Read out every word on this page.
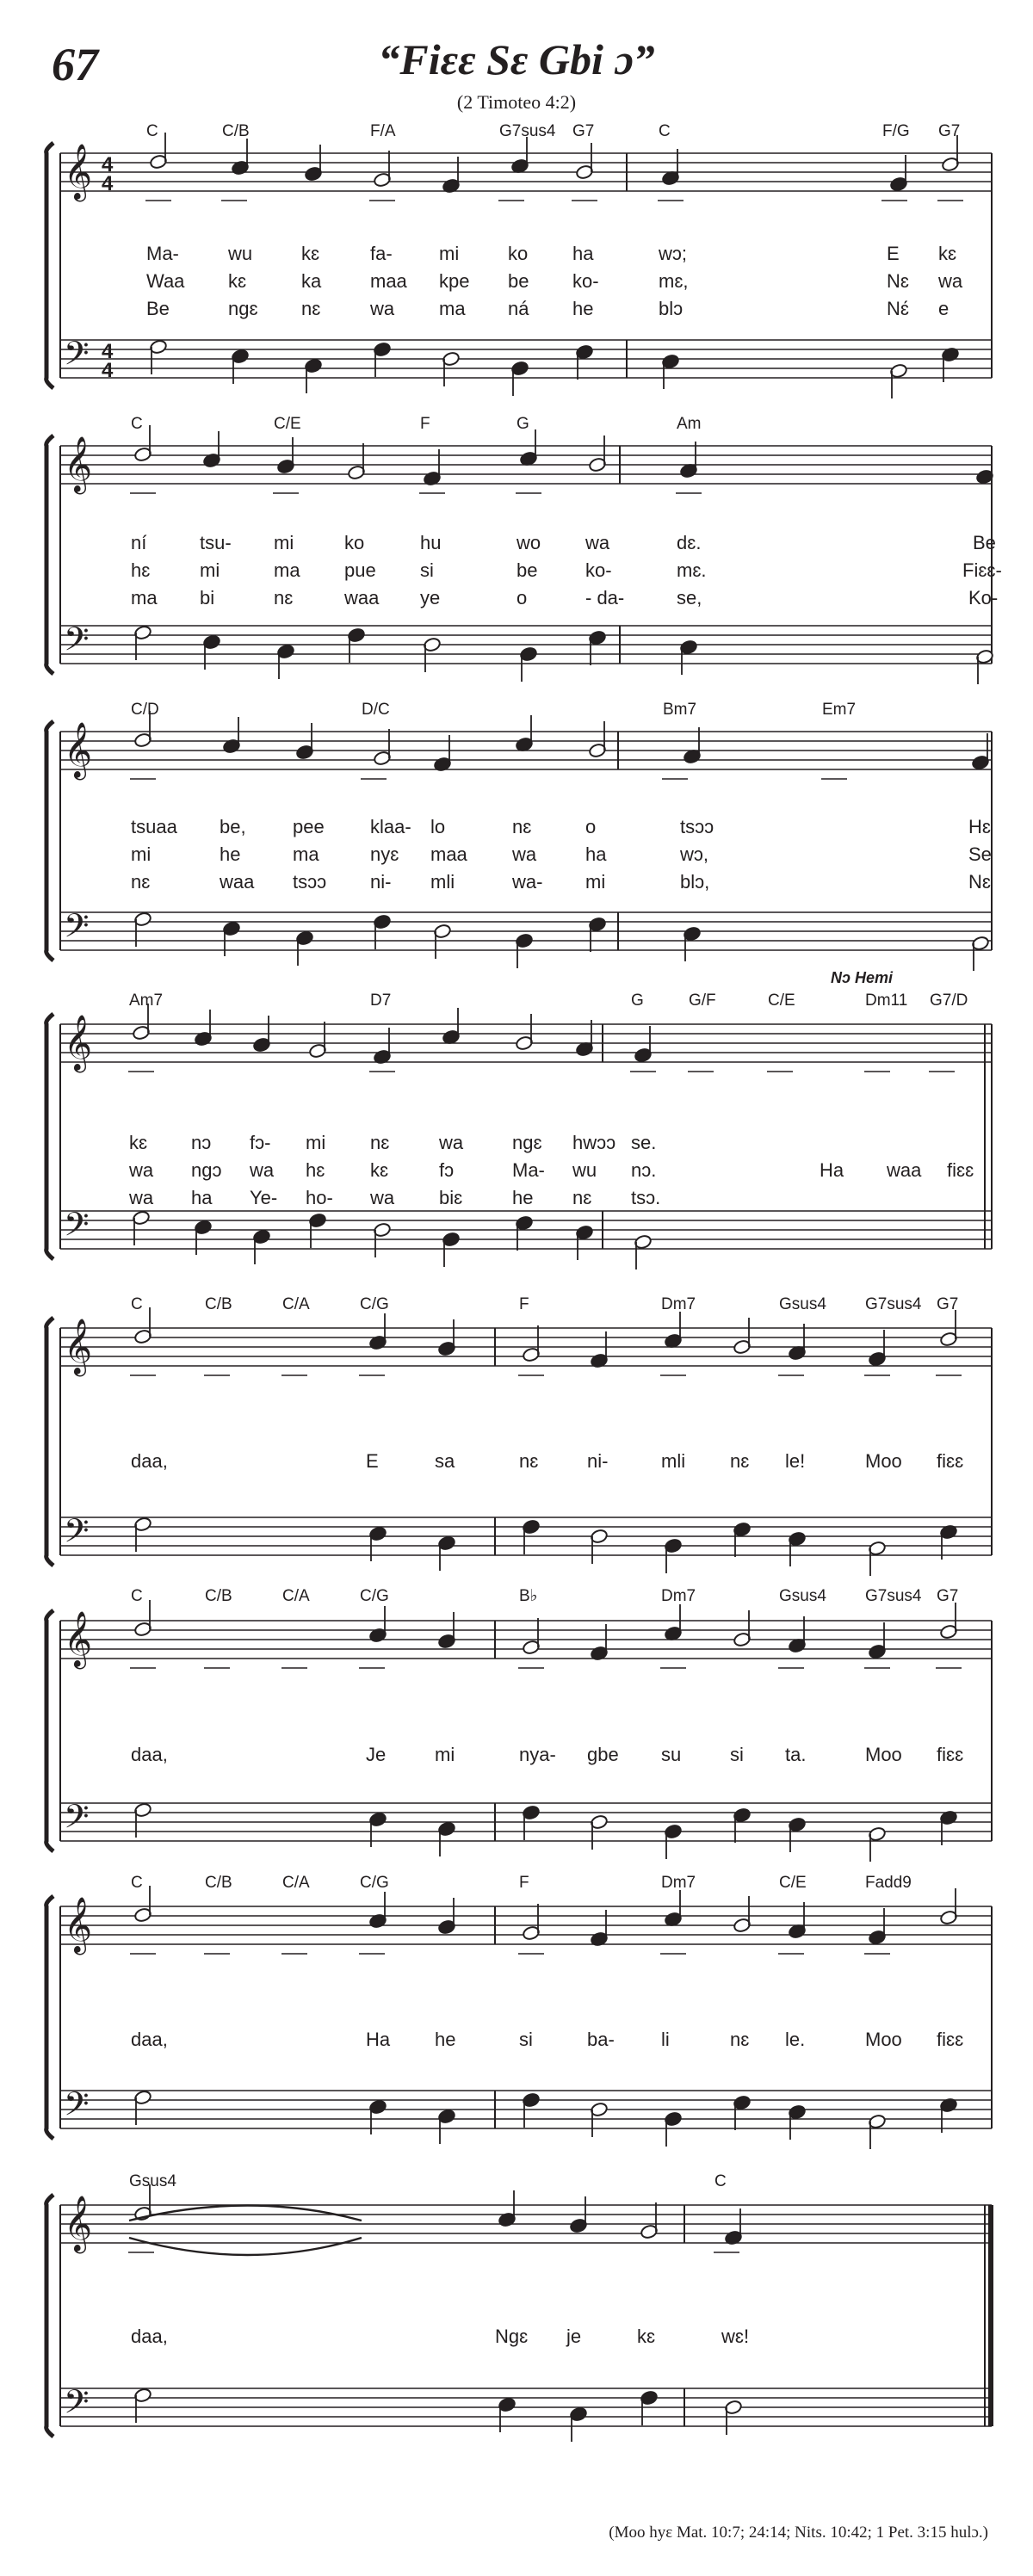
67	“Fiɛɛ Sɛ Gbi ɔ”
(2 Timoteo 4:2)
𝄞
𝄢
4
4
4
4
C	C/B	F/A	G7sus4 G7	C	F/G G7
Ma-	wu	kɛ	fa- mi	ko ha	wɔ;	E kɛ
Waa kɛ	ka	maa kpe be ko-	mɛ,	Nɛ wa
Be	ngɛ nɛ	wa ma ná he	blɔ	Nɛ́ e
𝄞
𝄢
C	C/E	F	G	Am
ní	tsu- mi	ko	hu	wo wa	dɛ.	Be
hɛ	mi	ma pue si	be	ko-	mɛ.	Fiɛɛ-
ma bi	nɛ	waa ye	o	- da-	se,	Ko-
𝄞
𝄢
C/D	D/C	Bm7	Em7
tsuaa be, pee klaa- lo	nɛ	o	tsɔɔ	Hɛ
mi	he	ma	nyɛ maa wa	ha	wɔ,	Se
nɛ	waa tsɔɔ ni- mli	wa- mi	blɔ,	Nɛ
𝄞
𝄢
Am7	D7	G	G/F	C/E	Dm11 G7/D
Nɔ Hemi
kɛ nɔ fɔ- mi nɛ	wa	ngɛ hwɔɔ se.
wa ngɔ wa hɛ kɛ	fɔ	Ma- wu nɔ.	Ha waa fiɛɛ
wa ha Ye- ho- wa biɛ	he nɛ tsɔ.
𝄞
𝄢
C	C/B	C/A	C/G	F	Dm7	Gsus4 G7sus4 G7
daa,	E	sa	nɛ	ni-	mli nɛ le!	Moo fiɛɛ
𝄞
𝄢
C	C/B	C/A	C/G	B♭	Dm7	Gsus4 G7sus4 G7
daa,	Je	mi	nya- gbe su	si ta.	Moo fiɛɛ
𝄞
𝄢
C	C/B	C/A	C/G	F	Dm7	C/E	Fadd9
daa,	Ha he	si	ba- li	nɛ le.	Moo fiɛɛ
𝄞
𝄢
Gsus4	C
daa,	Ngɛ je	kɛ	wɛ!
(Moo hyɛ Mat. 10:7; 24:14; Nits. 10:42; 1 Pet. 3:15 hulɔ.)
